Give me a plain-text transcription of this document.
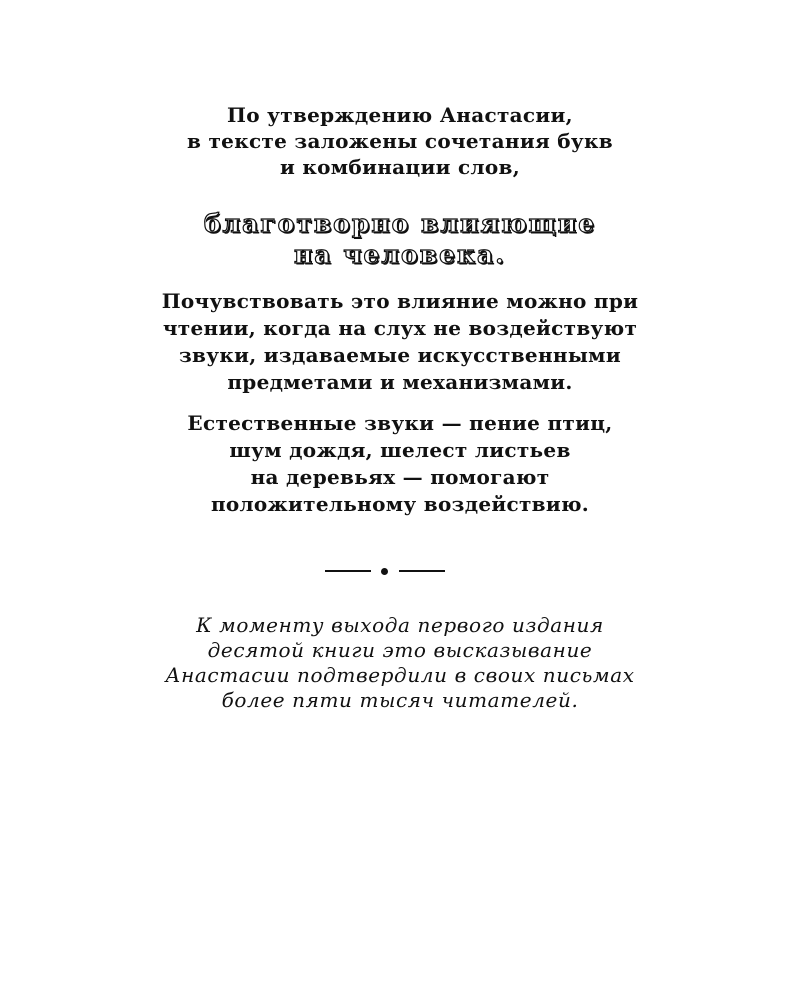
По утверждению Анастасии,
в тексте заложены сочетания букв
и комбинации слов,
благотворно влияющие
на человека.
Почувствовать это влияние можно при
чтении, когда на слух не воздействуют
звуки, издаваемые искусственными
предметами и механизмами.
Естественные звуки — пение птиц,
шум дождя, шелест листьев
на деревьях — помогают
положительному воздействию.
К моменту выхода первого издания
десятой книги это высказывание
Анастасии подтвердили в своих письмах
более пяти тысяч читателей.
